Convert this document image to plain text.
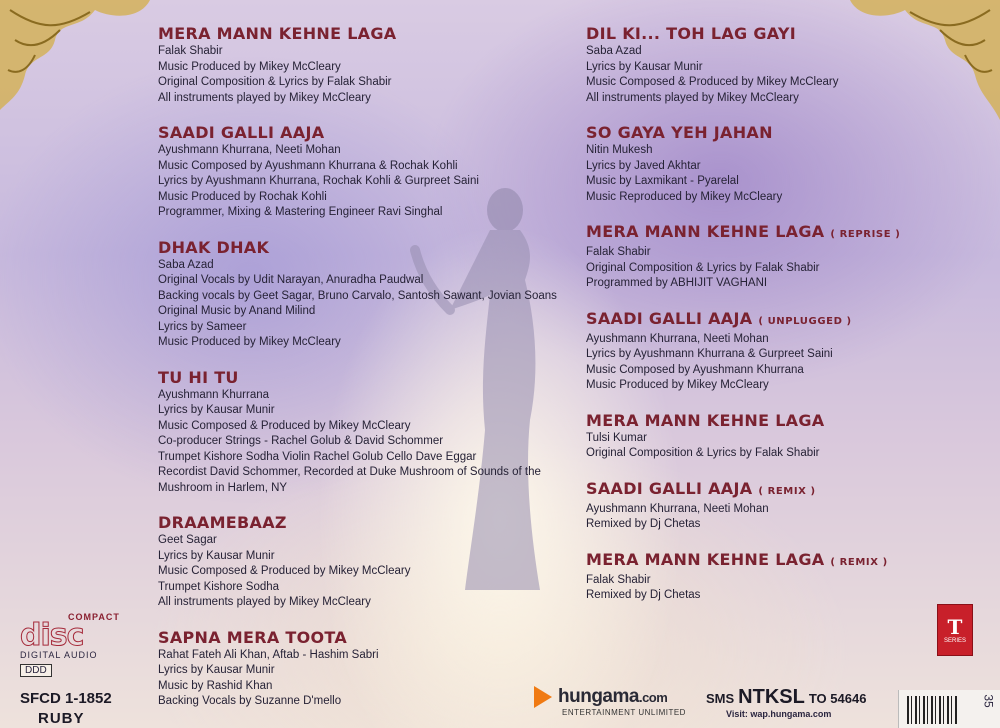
MERA MANN KEHNE LAGA
Falak Shabir
Music Produced by Mikey McCleary
Original Composition & Lyrics by Falak Shabir
All instruments played by Mikey McCleary
SAADI GALLI AAJA
Ayushmann Khurrana, Neeti Mohan
Music Composed by Ayushmann Khurrana & Rochak Kohli
Lyrics by Ayushmann Khurrana, Rochak Kohli & Gurpreet Saini
Music Produced by Rochak Kohli
Programmer, Mixing & Mastering Engineer Ravi Singhal
DHAK DHAK
Saba Azad
Original Vocals by Udit Narayan, Anuradha Paudwal
Backing vocals by Geet Sagar, Bruno Carvalo, Santosh Sawant, Jovian Soans
Original Music by Anand Milind
Lyrics by Sameer
Music Produced by Mikey McCleary
TU HI TU
Ayushmann Khurrana
Lyrics by Kausar Munir
Music Composed & Produced by Mikey McCleary
Co-producer Strings - Rachel Golub & David Schommer
Trumpet Kishore Sodha Violin Rachel Golub Cello Dave Eggar
Recordist David Schommer, Recorded at Duke Mushroom of Sounds of the
Mushroom in Harlem, NY
DRAAMEBAAZ
Geet Sagar
Lyrics by Kausar Munir
Music Composed & Produced by Mikey McCleary
Trumpet Kishore Sodha
All instruments played by Mikey McCleary
SAPNA MERA TOOTA
Rahat Fateh Ali Khan, Aftab - Hashim Sabri
Lyrics by Kausar Munir
Music by Rashid Khan
Backing Vocals by Suzanne D'mello
DIL KI... TOH LAG GAYI
Saba Azad
Lyrics by Kausar Munir
Music Composed & Produced by Mikey McCleary
All instruments played by Mikey McCleary
SO GAYA YEH JAHAN
Nitin Mukesh
Lyrics by Javed Akhtar
Music by Laxmikant - Pyarelal
Music Reproduced by Mikey McCleary
MERA MANN KEHNE LAGA ( REPRISE )
Falak Shabir
Original Composition & Lyrics by Falak Shabir
Programmed by ABHIJIT VAGHANI
SAADI GALLI AAJA ( UNPLUGGED )
Ayushmann Khurrana, Neeti Mohan
Lyrics by Ayushmann Khurrana & Gurpreet Saini
Music Composed by Ayushmann Khurrana
Music Produced by Mikey McCleary
MERA MANN KEHNE LAGA
Tulsi Kumar
Original Composition & Lyrics by Falak Shabir
SAADI GALLI AAJA ( REMIX )
Ayushmann Khurrana, Neeti Mohan
Remixed by Dj Chetas
MERA MANN KEHNE LAGA ( REMIX )
Falak Shabir
Remixed by Dj Chetas
COMPACT
disc
DIGITAL AUDIO
DDD
SFCD 1-1852
RUBY
T
SERIES
hungama.com
ENTERTAINMENT UNLIMITED
SMS NTKSL TO 54646
Visit: wap.hungama.com
35
